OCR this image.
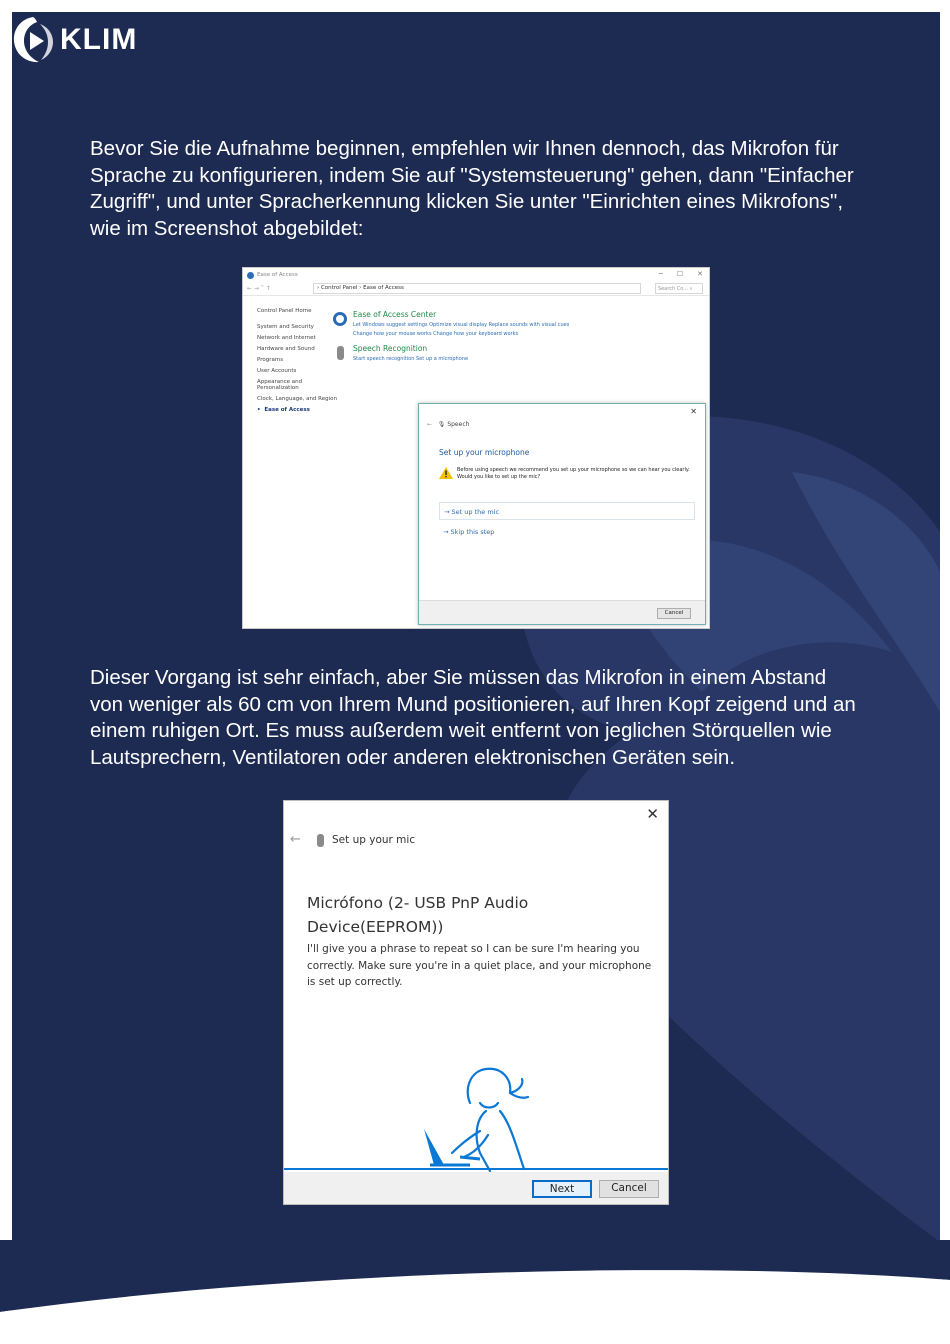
KLIM

Bevor Sie die Aufnahme beginnen, empfehlen wir Ihnen dennoch, das Mikrofon für Sprache zu konfigurieren, indem Sie auf "Systemsteuerung" gehen, dann "Einfacher Zugriff", und unter Spracherkennung klicken Sie unter "Einrichten eines Mikrofons", wie im Screenshot abgebildet:

Ease of Access	─ ☐ ✕
← → ˅ ↑	› Control Panel › Ease of Access	Search Co... ⌕
Control Panel Home
System and Security
Network and Internet
Hardware and Sound
Programs
User Accounts
Appearance and Personalization
Clock, Language, and Region
•  Ease of Access
Ease of Access Center
Let Windows suggest settings Optimize visual display Replace sounds with visual cues
Change how your mouse works Change how your keyboard works
Speech Recognition
Start speech recognition Set up a microphone
✕
← 🎙 Speech
Set up your microphone
Before using speech we recommend you set up your microphone so we can hear you clearly. Would you like to set up the mic?
→ Set up the mic
→ Skip this step
Cancel

Dieser Vorgang ist sehr einfach, aber Sie müssen das Mikrofon in einem Abstand von weniger als 60 cm von Ihrem Mund positionieren, auf Ihren Kopf zeigend und an einem ruhigen Ort. Es muss außerdem weit entfernt von jeglichen Störquellen wie Lautsprechern, Ventilatoren oder anderen elektronischen Geräten sein.

✕
←	Set up your mic
Micrófono (2- USB PnP Audio Device(EEPROM))
I'll give you a phrase to repeat so I can be sure I'm hearing you correctly. Make sure you're in a quiet place, and your microphone is set up correctly.
Next	Cancel
